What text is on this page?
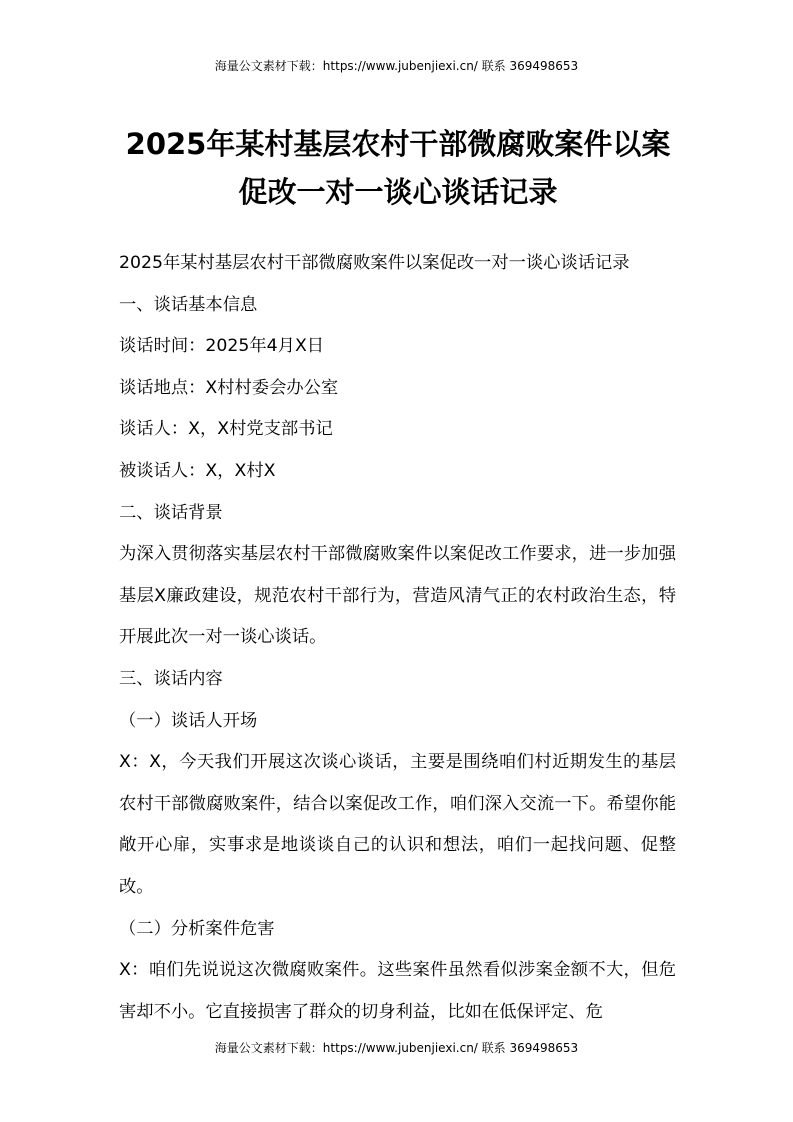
海量公文素材下载：https://www.jubenjiexi.cn/ 联系 369498653
2025年某村基层农村干部微腐败案件以案
促改一对一谈心谈话记录

2025年某村基层农村干部微腐败案件以案促改一对一谈心谈话记录

一、谈话基本信息

谈话时间：2025年4月X日

谈话地点：X村村委会办公室

谈话人：X，X村党支部书记

被谈话人：X，X村X

二、谈话背景

为深入贯彻落实基层农村干部微腐败案件以案促改工作要求，进一步加强基层X廉政建设，规范农村干部行为，营造风清气正的农村政治生态，特开展此次一对一谈心谈话。

三、谈话内容

（一）谈话人开场

X：X，今天我们开展这次谈心谈话，主要是围绕咱们村近期发生的基层农村干部微腐败案件，结合以案促改工作，咱们深入交流一下。希望你能敞开心扉，实事求是地谈谈自己的认识和想法，咱们一起找问题、促整改。

（二）分析案件危害

X：咱们先说说这次微腐败案件。这些案件虽然看似涉案金额不大，但危害却不小。它直接损害了群众的切身利益，比如在低保评定、危

海量公文素材下载：https://www.jubenjiexi.cn/ 联系 369498653
